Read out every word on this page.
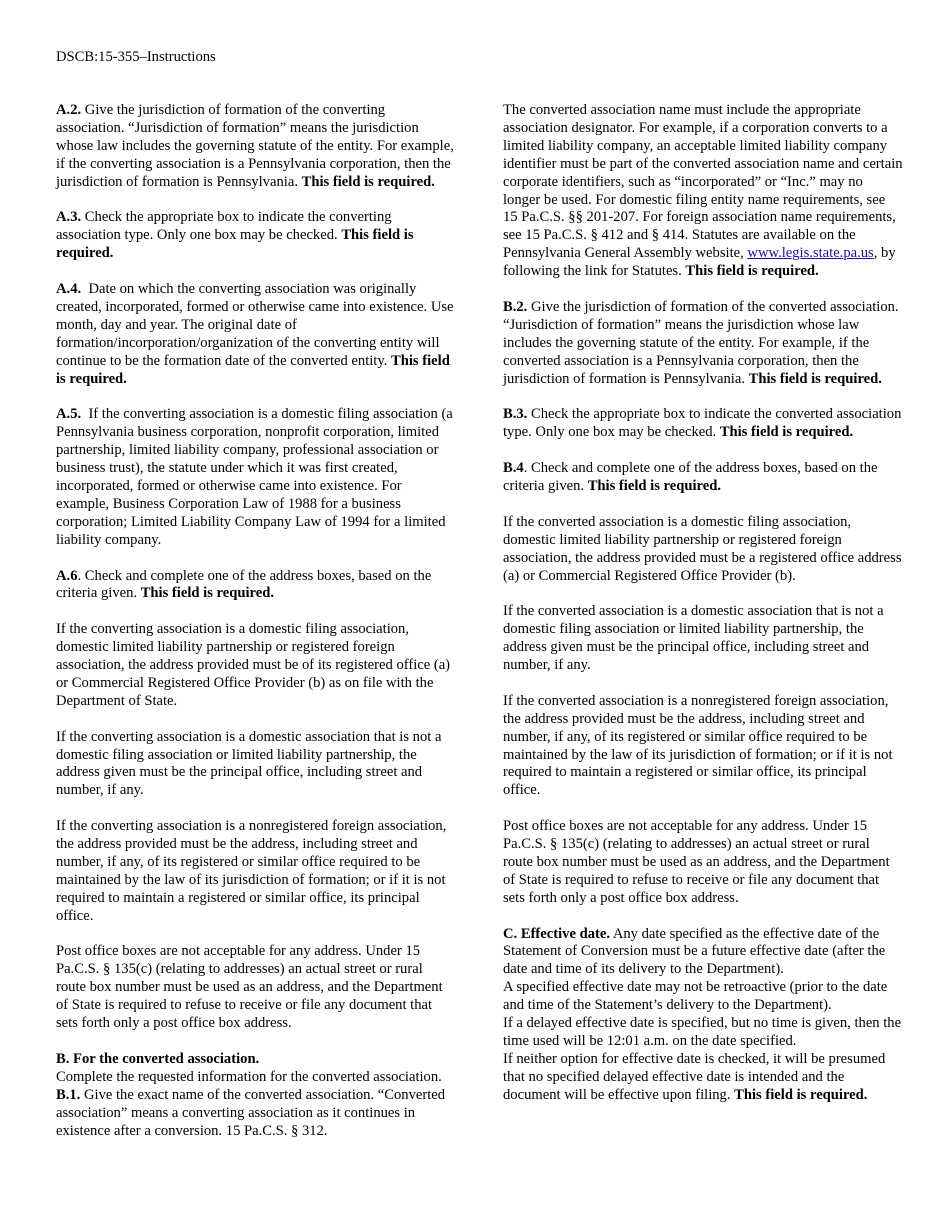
DSCB:15-355–Instructions

A.2. Give the jurisdiction of formation of the converting association. “Jurisdiction of formation” means the jurisdiction whose law includes the governing statute of the entity. For example, if the converting association is a Pennsylvania corporation, then the jurisdiction of formation is Pennsylvania. This field is required.

A.3. Check the appropriate box to indicate the converting association type. Only one box may be checked. This field is required.

A.4. Date on which the converting association was originally created, incorporated, formed or otherwise came into existence. Use month, day and year. The original date of formation/incorporation/organization of the converting entity will continue to be the formation date of the converted entity. This field is required.

A.5. If the converting association is a domestic filing association (a Pennsylvania business corporation, nonprofit corporation, limited partnership, limited liability company, professional association or business trust), the statute under which it was first created, incorporated, formed or otherwise came into existence. For example, Business Corporation Law of 1988 for a business corporation; Limited Liability Company Law of 1994 for a limited liability company.

A.6. Check and complete one of the address boxes, based on the criteria given. This field is required.

If the converting association is a domestic filing association, domestic limited liability partnership or registered foreign association, the address provided must be of its registered office (a) or Commercial Registered Office Provider (b) as on file with the Department of State.

If the converting association is a domestic association that is not a domestic filing association or limited liability partnership, the address given must be the principal office, including street and number, if any.

If the converting association is a nonregistered foreign association, the address provided must be the address, including street and number, if any, of its registered or similar office required to be maintained by the law of its jurisdiction of formation; or if it is not required to maintain a registered or similar office, its principal office.

Post office boxes are not acceptable for any address. Under 15 Pa.C.S. § 135(c) (relating to addresses) an actual street or rural route box number must be used as an address, and the Department of State is required to refuse to receive or file any document that sets forth only a post office box address.

B. For the converted association.

Complete the requested information for the converted association.

B.1. Give the exact name of the converted association. “Converted association” means a converting association as it continues in existence after a conversion. 15 Pa.C.S. § 312.

The converted association name must include the appropriate association designator. For example, if a corporation converts to a limited liability company, an acceptable limited liability company identifier must be part of the converted association name and certain corporate identifiers, such as “incorporated” or “Inc.” may no longer be used. For domestic filing entity name requirements, see 15 Pa.C.S. §§ 201-207. For foreign association name requirements, see 15 Pa.C.S. § 412 and § 414. Statutes are available on the Pennsylvania General Assembly website, www.legis.state.pa.us, by following the link for Statutes. This field is required.

B.2. Give the jurisdiction of formation of the converted association. “Jurisdiction of formation” means the jurisdiction whose law includes the governing statute of the entity. For example, if the converted association is a Pennsylvania corporation, then the jurisdiction of formation is Pennsylvania. This field is required.

B.3. Check the appropriate box to indicate the converted association type. Only one box may be checked. This field is required.

B.4. Check and complete one of the address boxes, based on the criteria given. This field is required.

If the converted association is a domestic filing association, domestic limited liability partnership or registered foreign association, the address provided must be a registered office address (a) or Commercial Registered Office Provider (b).

If the converted association is a domestic association that is not a domestic filing association or limited liability partnership, the address given must be the principal office, including street and number, if any.

If the converted association is a nonregistered foreign association, the address provided must be the address, including street and number, if any, of its registered or similar office required to be maintained by the law of its jurisdiction of formation; or if it is not required to maintain a registered or similar office, its principal office.

Post office boxes are not acceptable for any address. Under 15 Pa.C.S. § 135(c) (relating to addresses) an actual street or rural route box number must be used as an address, and the Department of State is required to refuse to receive or file any document that sets forth only a post office box address.

C. Effective date. Any date specified as the effective date of the Statement of Conversion must be a future effective date (after the date and time of its delivery to the Department).
A specified effective date may not be retroactive (prior to the date and time of the Statement’s delivery to the Department).
If a delayed effective date is specified, but no time is given, then the time used will be 12:01 a.m. on the date specified.
If neither option for effective date is checked, it will be presumed that no specified delayed effective date is intended and the document will be effective upon filing. This field is required.
